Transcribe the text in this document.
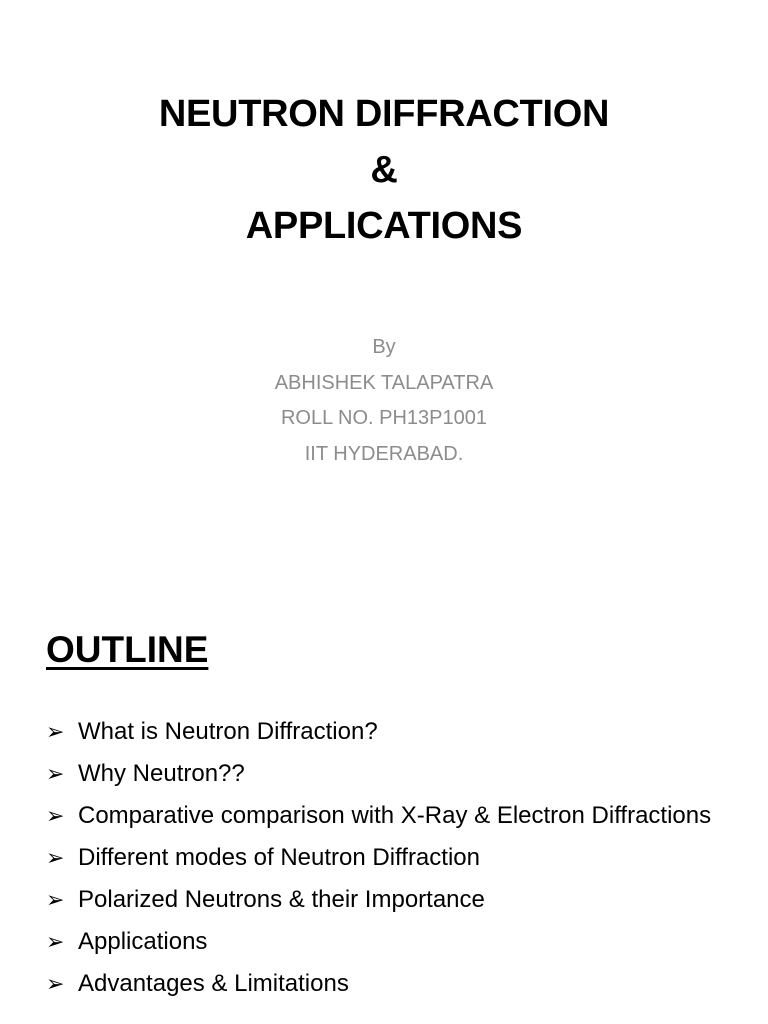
NEUTRON DIFFRACTION
&
APPLICATIONS
By
ABHISHEK TALAPATRA
ROLL NO. PH13P1001
IIT HYDERABAD.
OUTLINE
➢ What is Neutron Diffraction?
➢ Why Neutron??
➢ Comparative comparison with X-Ray & Electron Diffractions
➢ Different modes of Neutron Diffraction
➢ Polarized Neutrons & their Importance
➢ Applications
➢ Advantages & Limitations
